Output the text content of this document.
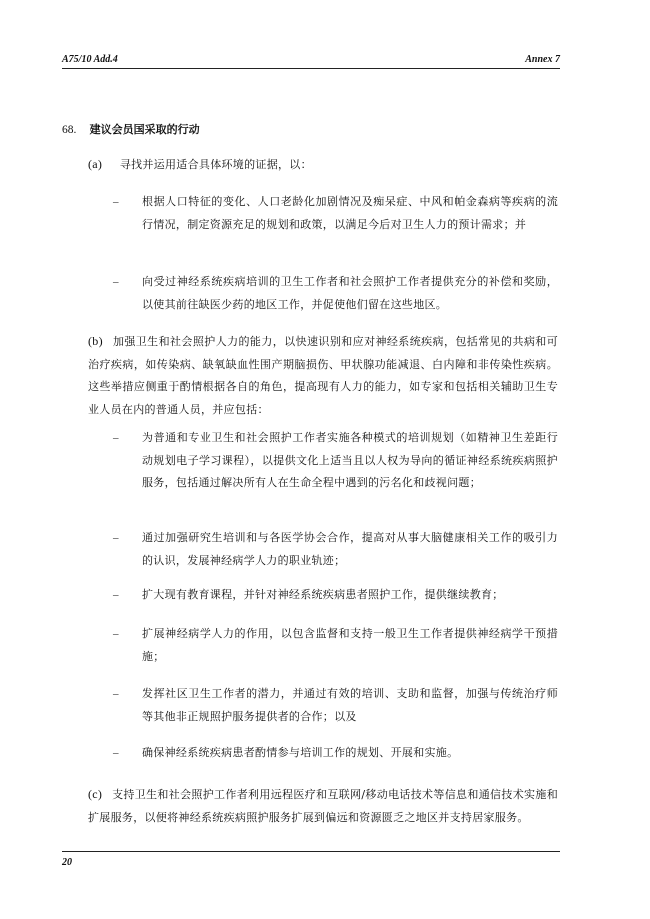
A75/10 Add.4	Annex 7
68. 建议会员国采取的行动
(a) 寻找并运用适合具体环境的证据，以：
– 根据人口特征的变化、人口老龄化加剧情况及痴呆症、中风和帕金森病等疾病的流行情况，制定资源充足的规划和政策，以满足今后对卫生人力的预计需求；并
– 向受过神经系统疾病培训的卫生工作者和社会照护工作者提供充分的补偿和奖励，以使其前往缺医少药的地区工作，并促使他们留在这些地区。
(b) 加强卫生和社会照护人力的能力，以快速识别和应对神经系统疾病，包括常见的共病和可治疗疾病，如传染病、缺氧缺血性围产期脑损伤、甲状腺功能减退、白内障和非传染性疾病。这些举措应侧重于酌情根据各自的角色，提高现有人力的能力，如专家和包括相关辅助卫生专业人员在内的普通人员，并应包括：
– 为普通和专业卫生和社会照护工作者实施各种模式的培训规划（如精神卫生差距行动规划电子学习课程），以提供文化上适当且以人权为导向的循证神经系统疾病照护服务，包括通过解决所有人在生命全程中遇到的污名化和歧视问题；
– 通过加强研究生培训和与各医学协会合作，提高对从事大脑健康相关工作的吸引力的认识，发展神经病学人力的职业轨迹；
– 扩大现有教育课程，并针对神经系统疾病患者照护工作，提供继续教育；
– 扩展神经病学人力的作用，以包含监督和支持一般卫生工作者提供神经病学干预措施；
– 发挥社区卫生工作者的潜力，并通过有效的培训、支助和监督，加强与传统治疗师等其他非正规照护服务提供者的合作；以及
– 确保神经系统疾病患者酌情参与培训工作的规划、开展和实施。
(c) 支持卫生和社会照护工作者利用远程医疗和互联网/移动电话技术等信息和通信技术实施和扩展服务，以便将神经系统疾病照护服务扩展到偏远和资源匮乏之地区并支持居家服务。
20
